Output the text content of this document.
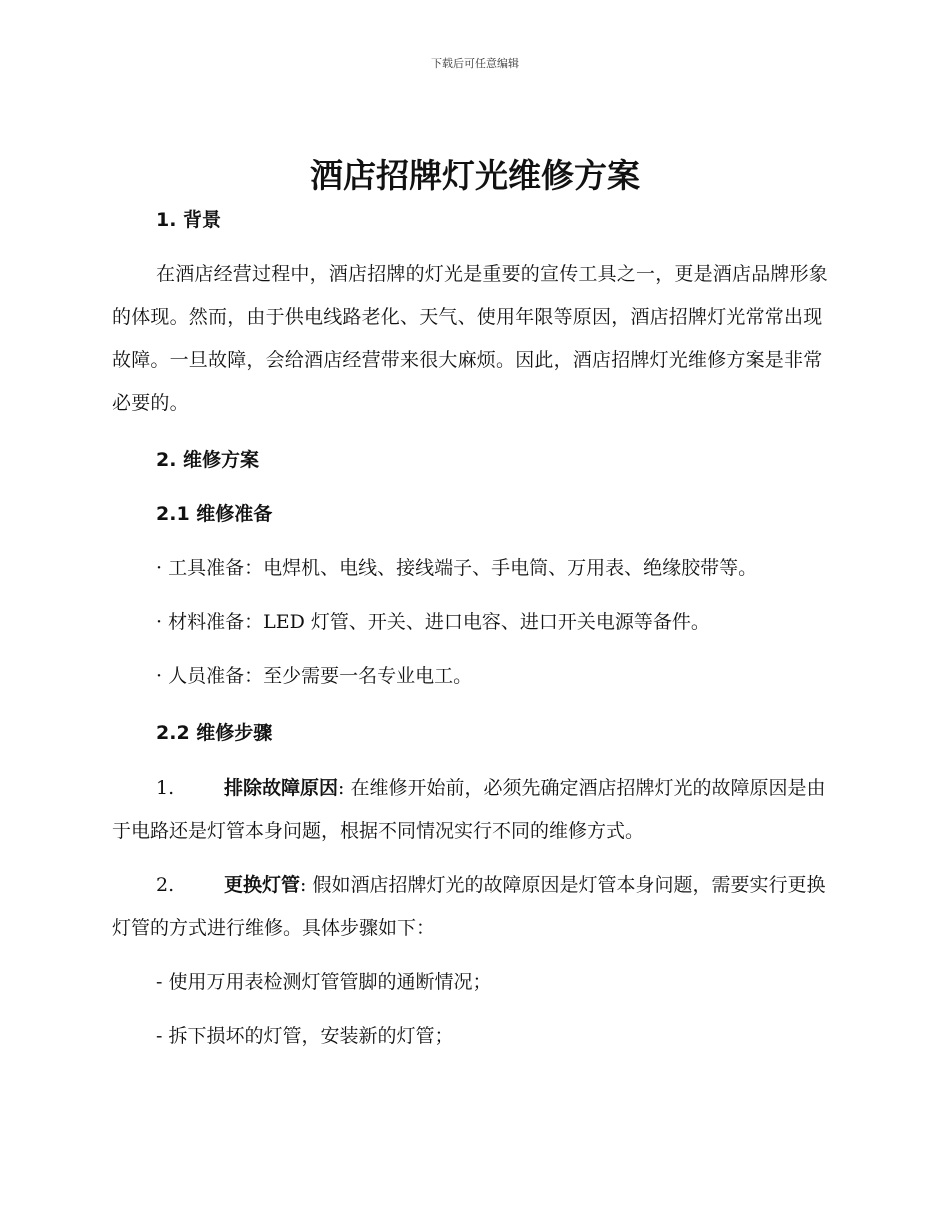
下载后可任意编辑
酒店招牌灯光维修方案

1. 背景

在酒店经营过程中，酒店招牌的灯光是重要的宣传工具之一，更是酒店品牌形象的体现。然而，由于供电线路老化、天气、使用年限等原因，酒店招牌灯光常常出现故障。一旦故障，会给酒店经营带来很大麻烦。因此，酒店招牌灯光维修方案是非常必要的。

2. 维修方案

2.1 维修准备

· 工具准备：电焊机、电线、接线端子、手电筒、万用表、绝缘胶带等。

· 材料准备：LED 灯管、开关、进口电容、进口开关电源等备件。

· 人员准备：至少需要一名专业电工。

2.2 维修步骤

1.	排除故障原因: 在维修开始前，必须先确定酒店招牌灯光的故障原因是由于电路还是灯管本身问题，根据不同情况实行不同的维修方式。

2.	更换灯管: 假如酒店招牌灯光的故障原因是灯管本身问题，需要实行更换灯管的方式进行维修。具体步骤如下：

- 使用万用表检测灯管管脚的通断情况；

- 拆下损坏的灯管，安装新的灯管；
